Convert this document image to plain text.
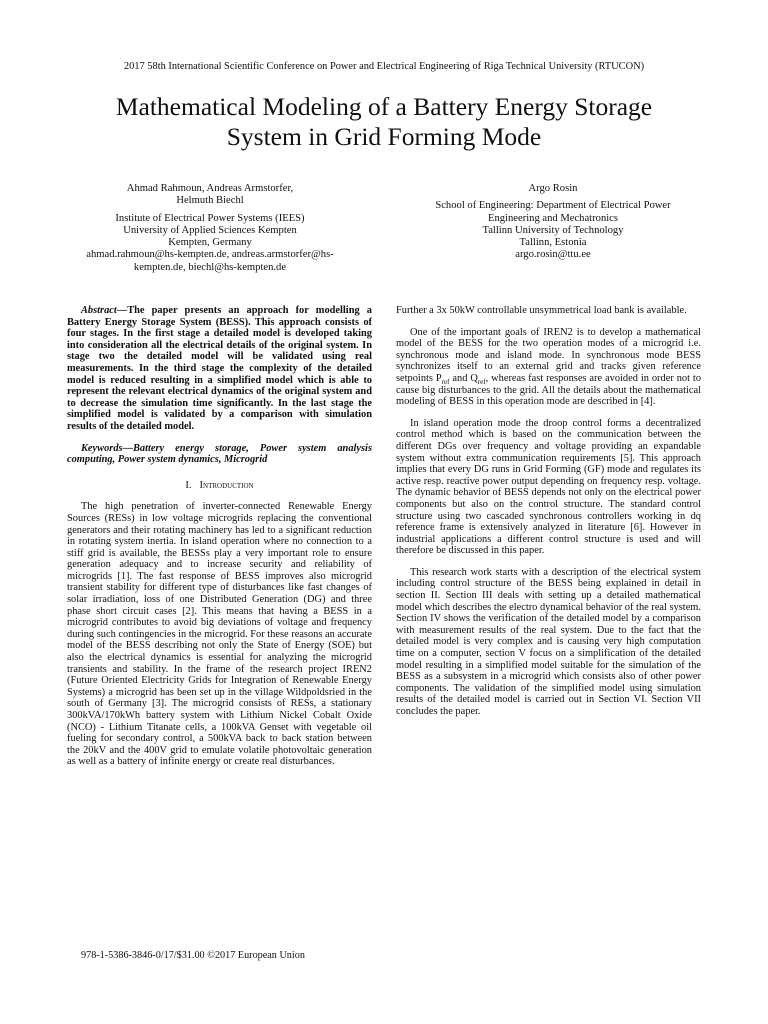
2017 58th International Scientific Conference on Power and Electrical Engineering of Riga Technical University (RTUCON)
Mathematical Modeling of a Battery Energy Storage
System in Grid Forming Mode
Ahmad Rahmoun, Andreas Armstorfer,
Helmuth Biechl
Institute of Electrical Power Systems (IEES)
University of Applied Sciences Kempten
Kempten, Germany
ahmad.rahmoun@hs-kempten.de, andreas.armstorfer@hs-
kempten.de, biechl@hs-kempten.de
Argo Rosin
School of Engineering: Department of Electrical Power
Engineering and Mechatronics
Tallinn University of Technology
Tallinn, Estonia
argo.rosin@ttu.ee

Abstract—The paper presents an approach for modelling a Battery Energy Storage System (BESS). This approach consists of four stages. In the first stage a detailed model is developed taking into consideration all the electrical details of the original system. In stage two the detailed model will be validated using real measurements. In the third stage the complexity of the detailed model is reduced resulting in a simplified model which is able to represent the relevant electrical dynamics of the original system and to decrease the simulation time significantly. In the last stage the simplified model is validated by a comparison with simulation results of the detailed model.

Keywords—Battery energy storage, Power system analysis computing, Power system dynamics, Microgrid

I. Introduction

The high penetration of inverter-connected Renewable Energy Sources (RESs) in low voltage microgrids replacing the conventional generators and their rotating machinery has led to a significant reduction in rotating system inertia. In island operation where no connection to a stiff grid is available, the BESSs play a very important role to ensure generation adequacy and to increase security and reliability of microgrids [1]. The fast response of BESS improves also microgrid transient stability for different type of disturbances like fast changes of solar irradiation, loss of one Distributed Generation (DG) and three phase short circuit cases [2]. This means that having a BESS in a microgrid contributes to avoid big deviations of voltage and frequency during such contingencies in the microgrid. For these reasons an accurate model of the BESS describing not only the State of Energy (SOE) but also the electrical dynamics is essential for analyzing the microgrid transients and stability. In the frame of the research project IREN2 (Future Oriented Electricity Grids for Integration of Renewable Energy Systems) a microgrid has been set up in the village Wildpoldsried in the south of Germany [3]. The microgrid consists of RESs, a stationary 300kVA/170kWh battery system with Lithium Nickel Cobalt Oxide (NCO) - Lithium Titanate cells, a 100kVA Genset with vegetable oil fueling for secondary control, a 500kVA back to back station between the 20kV and the 400V grid to emulate volatile photovoltaic generation as well as a battery of infinite energy or create real disturbances.

Further a 3x 50kW controllable unsymmetrical load bank is available.

One of the important goals of IREN2 is to develop a mathematical model of the BESS for the two operation modes of a microgrid i.e. synchronous mode and island mode. In synchronous mode BESS synchronizes itself to an external grid and tracks given reference setpoints $P_{ref}$ and $Q_{ref}$, whereas fast responses are avoided in order not to cause big disturbances to the grid. All the details about the mathematical modeling of BESS in this operation mode are described in [4].

In island operation mode the droop control forms a decentralized control method which is based on the communication between the different DGs over frequency and voltage providing an expandable system without extra communication requirements [5]. This approach implies that every DG runs in Grid Forming (GF) mode and regulates its active resp. reactive power output depending on frequency resp. voltage. The dynamic behavior of BESS depends not only on the electrical power components but also on the control structure. The standard control structure using two cascaded synchronous controllers working in dq reference frame is extensively analyzed in literature [6]. However in industrial applications a different control structure is used and will therefore be discussed in this paper.

This research work starts with a description of the electrical system including control structure of the BESS being explained in detail in section II. Section III deals with setting up a detailed mathematical model which describes the electro dynamical behavior of the real system. Section IV shows the verification of the detailed model by a comparison with measurement results of the real system. Due to the fact that the detailed model is very complex and is causing very high computation time on a computer, section V focus on a simplification of the detailed model resulting in a simplified model suitable for the simulation of the BESS as a subsystem in a microgrid which consists also of other power components. The validation of the simplified model using simulation results of the detailed model is carried out in Section VI. Section VII concludes the paper.

978-1-5386-3846-0/17/$31.00 ©2017 European Union
